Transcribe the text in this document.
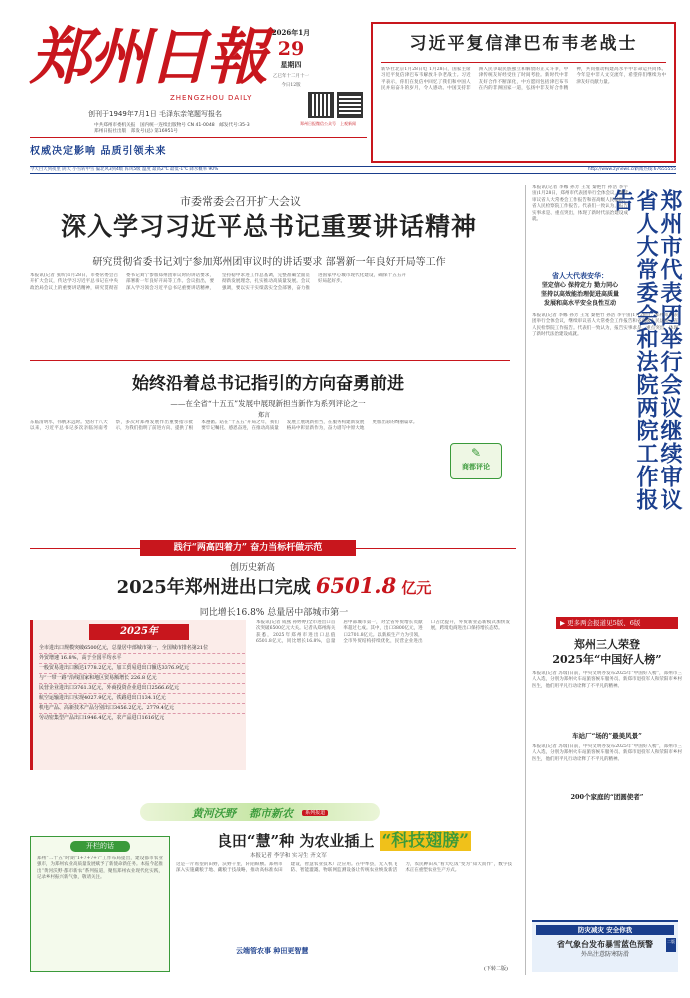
郑州日報
ZHENGZHOU DAILY
创刊于1949年7月1日 毛泽东亲笔题写报名
2026年1月
29
星期四
乙巳年十二月十一
今日12版
郑州日报微信公众号 上观新闻
中共郑州市委机关报　 国内统一连续出版物号 CN 41-0048　 邮发代号:35-3
郑州日报社出版　 郑发号(总) 第16951号
权威决定影响 品质引领未来
今天白天到夜里 阴天 小雪转中雪 偏北风3到4级 阵风5级 温度 最高2℃ 最低-1℃ 降水概率 90%	http://www.zynews.cn
新闻热线:67655555
习近平复信津巴布韦老战士
新华社北京1月28日电 1月28日，国家主席习近平复信津巴布韦解放斗争老战士。习近平表示，你们在复信中回忆了我们和中国人民并肩奋斗的岁月，令人感动。中国支持非洲人民争取民族独立和解放的正义斗争，中津传统友好经受住了时间考验。新时代中非友好合作不断深化，中方愿同包括津巴布韦在内的非洲国家一道，弘扬中非友好合作精神，共同推动构建高水平中非命运共同体。今年是中非人文交流年，希望你们继续为中津友好贡献力量。
市委常委会召开扩大会议
深入学习习近平总书记重要讲话精神
研究贯彻省委书记刘宁参加郑州团审议时的讲话要求 部署新一年良好开局等工作
本报讯(记者 张昕)1月28日，市委常委会召开扩大会议，传达学习习近平总书记在中央政治局会议上的重要讲话精神，研究贯彻省委书记刘宁参加郑州团审议时的讲话要求，部署新一年良好开局等工作。会议指出，要深入学习领会习近平总书记重要讲话精神，坚持稳中求进工作总基调，完整准确全面贯彻新发展理念，扎实推动高质量发展。会议强调，要以实干实绩落实全会部署，奋力推进国家中心城市现代化建设，确保十五五开好局起好步。
始终沿着总书记指引的方向奋勇前进
——在全省“十五五”发展中展现新担当新作为系列评论之一
郑言
东临清明水，伟帆未远时。党的十八大以来，习近平总书记多次亲临河南考察，多次对郑州发展作出重要指示批示，为我们指明了前进方向、提供了根本遵循。站在“十五五”开局之年，我们要牢记嘱托、感恩奋进，在推动高质量发展上展现新担当，在服务构建新发展格局中彰显新作为，奋力谱写中原大地更加出彩的绚丽篇章。
✎
商都评论
践行“两高四着力” 奋力当标杆做示范
创历史新高
2025年郑州进出口完成 6501.8 亿元
同比增长16.8% 总量居中部城市第一
2025年
全市进出口规模突破6500亿元，总量居中部城市第一，全国城市排名第21位
外贸增速 16.8%，高于全国平均水平
一般贸易进出口额达1778.2亿元，加工贸易进出口额达3376.9亿元
与“一带一路”沿线国家和地区贸易额增长 226.8 亿元
民营企业进出口3761.3亿元，外商投资企业进出口2566.6亿元
航空运输进出口实现4027.9亿元，铁路进出口134.1亿元
机电产品、高新技术产品分别出口3456.2亿元、2779.4亿元
劳动密集型产品出口1946.4亿元，农产品进口1616亿元
本报讯(记者 成燕 孙婷婷)全市进出口首次突破6500亿元大关。记者从郑州海关获悉，2025年郑州市进出口总值6501.8亿元，同比增长16.8%，总量居中部城市第一，对全省外贸增长贡献率超过七成。其中，出口3800亿元，进口2701.8亿元。以新质生产力为引领，全市外贸结构持续优化，民营企业进出口占比提升，外贸新业态新模式加快发展，跨境电商进出口保持增长态势。
郑州市代表团举行会议继续审议省人大常委会和法院两院工作报告
本报讯(记者 李娜 孙芳 王宠 秦艳竹 孙浩 李宇宙)1月28日，郑州市代表团举行全体会议，继续审议省人大常委会工作报告和省高级人民法院、省人民检察院工作报告。代表们一致认为，报告实事求是、重点突出，体现了新时代法治建设成就。
省人大代表安华：
坚定信心 保持定力 勠力同心
坚持以高效能治理促进高质量
发展和高水平安全良性互动
本报讯(记者 李娜 孙芳 王宠 秦艳竹 孙浩 李宇宙)1月28日，郑州市代表团举行全体会议，继续审议省人大常委会工作报告和省高级人民法院、省人民检察院工作报告。代表们一致认为，报告实事求是、重点突出，体现了新时代法治建设成就。
▶ 更多两会报道见5版、6版
郑州三人荣登
2025年“中国好人榜”
本报讯(记者 苏瑞)日前，中央文明办发布2025年“中国好人榜”，郑州市三人入选，分别为郑州火车站旅客候车服务员、新郑市退役军人和荥阳市乡村医生，他们用平凡行动诠释了不平凡的精神。
车站厂“场的”最美风景”
本报讯(记者 苏瑞)日前，中央文明办发布2025年“中国好人榜”，郑州市三人入选，分别为郑州火车站旅客候车服务员、新郑市退役军人和荥阳市乡村医生，他们用平凡行动诠释了不平凡的精神。
200个家庭的“团圆使者”
黄河沃野 都市新农 系列报道
良田“慧”种 为农业插上 “科技翅膀”
本报记者 李学和 实习生 齐文军
这是一片希望的田野，沃野千里，阡陌纵横。郑州市深入实施藏粮于地、藏粮于技战略，推动高标准农田建设，智慧农业技术广泛应用。在中牟县，无人机飞防、智能灌溉、物联网监测设备让传统农业焕发新活力，农民种田从“看天吃饭”变为“知天而作”，数字技术正在重塑农业生产方式。
云端管农事 种田更智慧
(下转二版)
开栏的话
郑州“二十五”时期“1+7+7+7”工作布局提出，建设都市农业强市，为郑州农业高质量发展赋予了新使命新任务。本报今起推出“黄河沃野·都市新农”系列报道，聚焦郑州农业现代化实践，记录乡村振兴新气象，敬请关注。
防灾减灾 安全你我
省气象台发布暴雪蓝色预警
外出注意防寒防滑
二版
